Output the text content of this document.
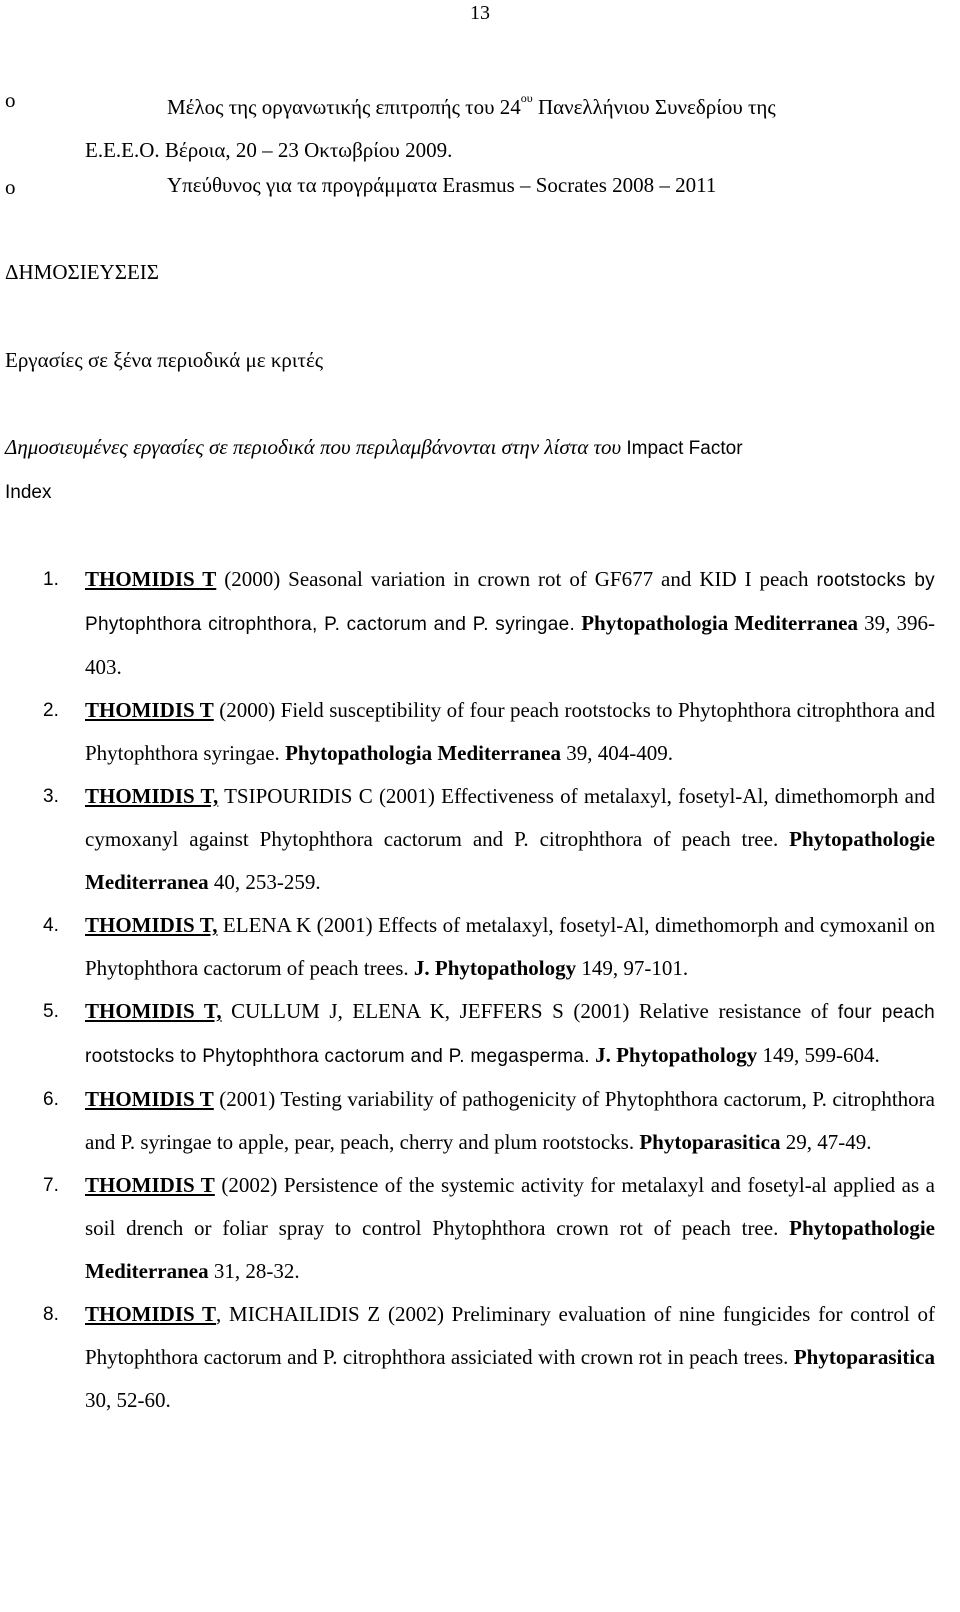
13
o	Μέλος της οργανωτικής επιτροπής του $24^{o\upsilon}$ Πανελλήνιου Συνεδρίου της
Ε.Ε.Ε.Ο. Βέροια, 20 – 23 Οκτωβρίου 2009.
o	Υπεύθυνος για τα προγράμματα Erasmus – Socrates 2008 – 2011
ΔΗΜΟΣΙΕΥΣΕΙΣ
Εργασίες σε ξένα περιοδικά με κριτές
Δημοσιευμένες εργασίες σε περιοδικά που περιλαμβάνονται στην λίστα του Impact Factor
Index

1. THOMIDIS T (2000) Seasonal variation in crown rot of GF677 and KID I peach rootstocks by Phytophthora citrophthora, P. cactorum and P. syringae. Phytopathologia Mediterranea 39, 396-403.

2. THOMIDIS T (2000) Field susceptibility of four peach rootstocks to Phytophthora citrophthora and Phytophthora syringae. Phytopathologia Mediterranea 39, 404-409.

3. THOMIDIS T, TSIPOURIDIS C (2001) Effectiveness of metalaxyl, fosetyl-Al, dimethomorph and cymoxanyl against Phytophthora cactorum and P. citrophthora of peach tree. Phytopathologie Mediterranea 40, 253-259.

4. THOMIDIS T, ELENA K (2001) Effects of metalaxyl, fosetyl-Al, dimethomorph and cymoxanil on Phytophthora cactorum of peach trees. J. Phytopathology 149, 97-101.

5. THOMIDIS T, CULLUM J, ELENA K, JEFFERS S (2001) Relative resistance of four peach rootstocks to Phytophthora cactorum and P. megasperma. J. Phytopathology 149, 599-604.

6. THOMIDIS T (2001) Testing variability of pathogenicity of Phytophthora cactorum, P. citrophthora and P. syringae to apple, pear, peach, cherry and plum rootstocks. Phytoparasitica 29, 47-49.

7. THOMIDIS T (2002) Persistence of the systemic activity for metalaxyl and fosetyl-al applied as a soil drench or foliar spray to control Phytophthora crown rot of peach tree. Phytopathologie Mediterranea 31, 28-32.

8. THOMIDIS T, MICHAILIDIS Z (2002) Preliminary evaluation of nine fungicides for control of Phytophthora cactorum and P. citrophthora assiciated with crown rot in peach trees. Phytoparasitica 30, 52-60.
